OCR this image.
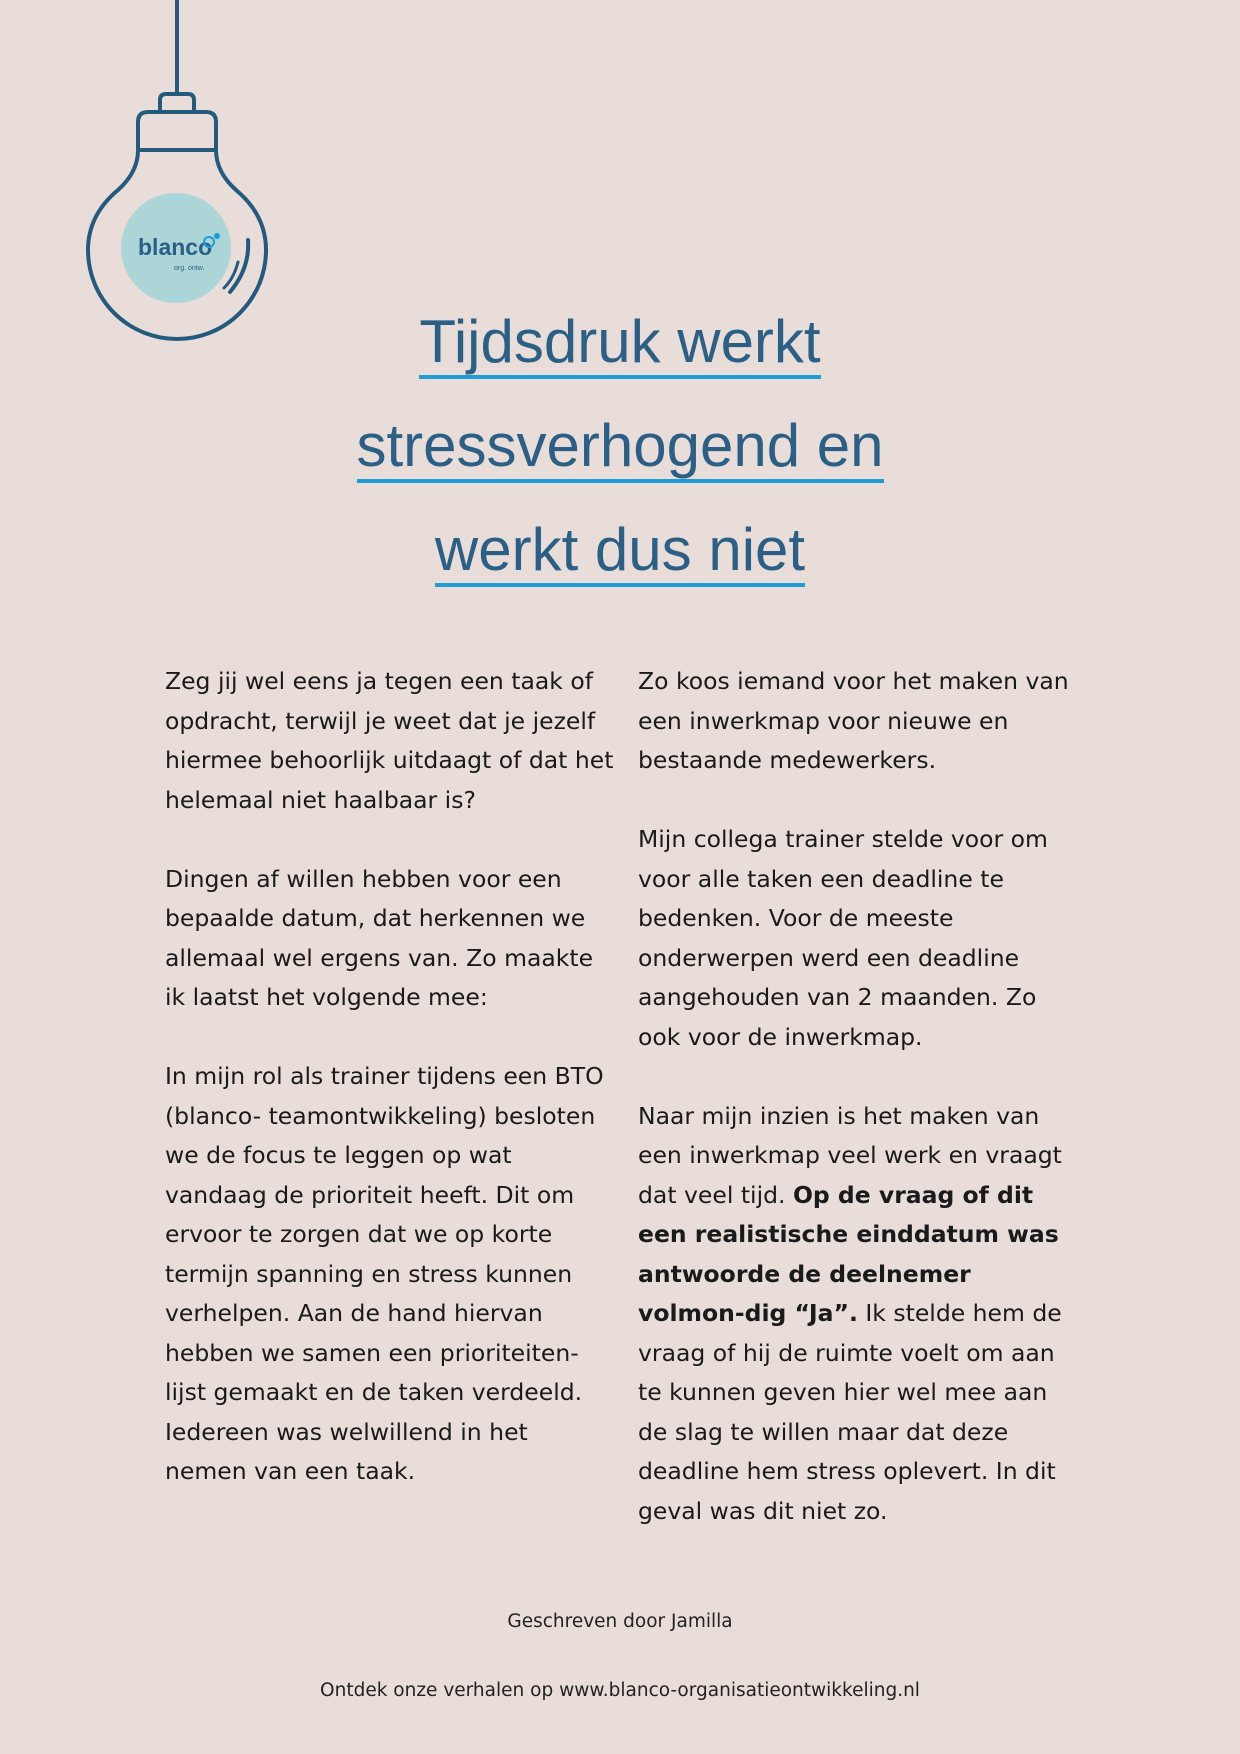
blanco
org. ontw.
Tijdsdruk werkt
stressverhogend en
werkt dus niet

Zeg jij wel eens ja tegen een taak of opdracht, terwijl je weet dat je jezelf hiermee behoorlijk uitdaagt of dat het helemaal niet haalbaar is?

Dingen af willen hebben voor een bepaalde datum, dat herkennen we allemaal wel ergens van. Zo maakte ik laatst het volgende mee:

In mijn rol als trainer tijdens een BTO (blanco- teamontwikkeling) besloten we de focus te leggen op wat vandaag de prioriteit heeft. Dit om ervoor te zorgen dat we op korte termijn spanning en stress kunnen verhelpen. Aan de hand hiervan hebben we samen een prioriteiten-lijst gemaakt en de taken verdeeld. Iedereen was welwillend in het nemen van een taak.

Zo koos iemand voor het maken van een inwerkmap voor nieuwe en bestaande medewerkers.

Mijn collega trainer stelde voor om voor alle taken een deadline te bedenken. Voor de meeste onderwerpen werd een deadline aangehouden van 2 maanden. Zo ook voor de inwerkmap.

Naar mijn inzien is het maken van een inwerkmap veel werk en vraagt dat veel tijd. Op de vraag of dit een realistische einddatum was antwoorde de deelnemer volmon-dig “Ja”. Ik stelde hem de vraag of hij de ruimte voelt om aan te kunnen geven hier wel mee aan de slag te willen maar dat deze deadline hem stress oplevert. In dit geval was dit niet zo.

Geschreven door Jamilla
Ontdek onze verhalen op www.blanco-organisatieontwikkeling.nl
